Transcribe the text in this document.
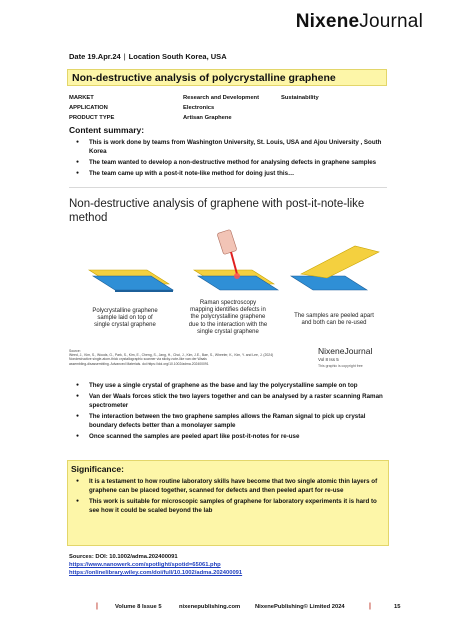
NixeneJournal
Date 19.Apr.24 | Location South Korea, USA
Non-destructive analysis of polycrystalline graphene
MARKET	Research and Development	Sustainability
APPLICATION	Electronics
PRODUCT TYPE	Artisan Graphene
Content summary:
● This is work done by teams from Washington University, St. Louis, USA and Ajou University , South Korea
● The team wanted to develop a non-destructive method for analysing defects in graphene samples
● The team came up with a post-it note-like method for doing just this…
Non-destructive analysis of graphene with post-it-note-like method
Polycrystalline graphene
sample laid on top of
single crystal graphene
Raman spectroscopy
mapping identifies defects in
the polycrystalline graphene
due to the interaction with the
single crystal graphene
The samples are peeled apart
and both can be re-used
Source:
Weed, J., Kim, S., Woods, G., Park, S., Kim, E., Cheng, S., Jang, H., Choi, J., Kim, J.E., Bae, S., Wheeler, K., Kim, Y. and Lee, J. (2024)
Nondestructive single-atom-thick crystallographic scanner via sticky-note-like van der Waals
assembling-disassembling. Advanced Materials. doi:https://doi.org/10.1002/adma.202400091
NixeneJournal
Vol 8 Iss 5
This graphic is copyright free
● They use a single crystal of graphene as the base and lay the polycrystalline sample on top
● Van der Waals forces stick the two layers together and can be analysed by a raster scanning Raman spectrometer
● The interaction between the two graphene samples allows the Raman signal to pick up crystal boundary defects better than a monolayer sample
● Once scanned the samples are peeled apart like post-it-notes for re-use
Significance:
● It is a testament to how routine laboratory skills have become that two single atomic thin layers of graphene can be placed together, scanned for defects and then peeled apart for re-use
● This work is suitable for microscopic samples of graphene for laboratory experiments it is hard to see how it could be scaled beyond the lab
Sources: DOI: 10.1002/adma.202400091
https://www.nanowerk.com/spotlight/spotid=65061.php
https://onlinelibrary.wiley.com/doi/full/10.1002/adma.202400091
|	Volume 8 Issue 5	nixenepublishing.com	NixenePublishing© Limited 2024	|	15
